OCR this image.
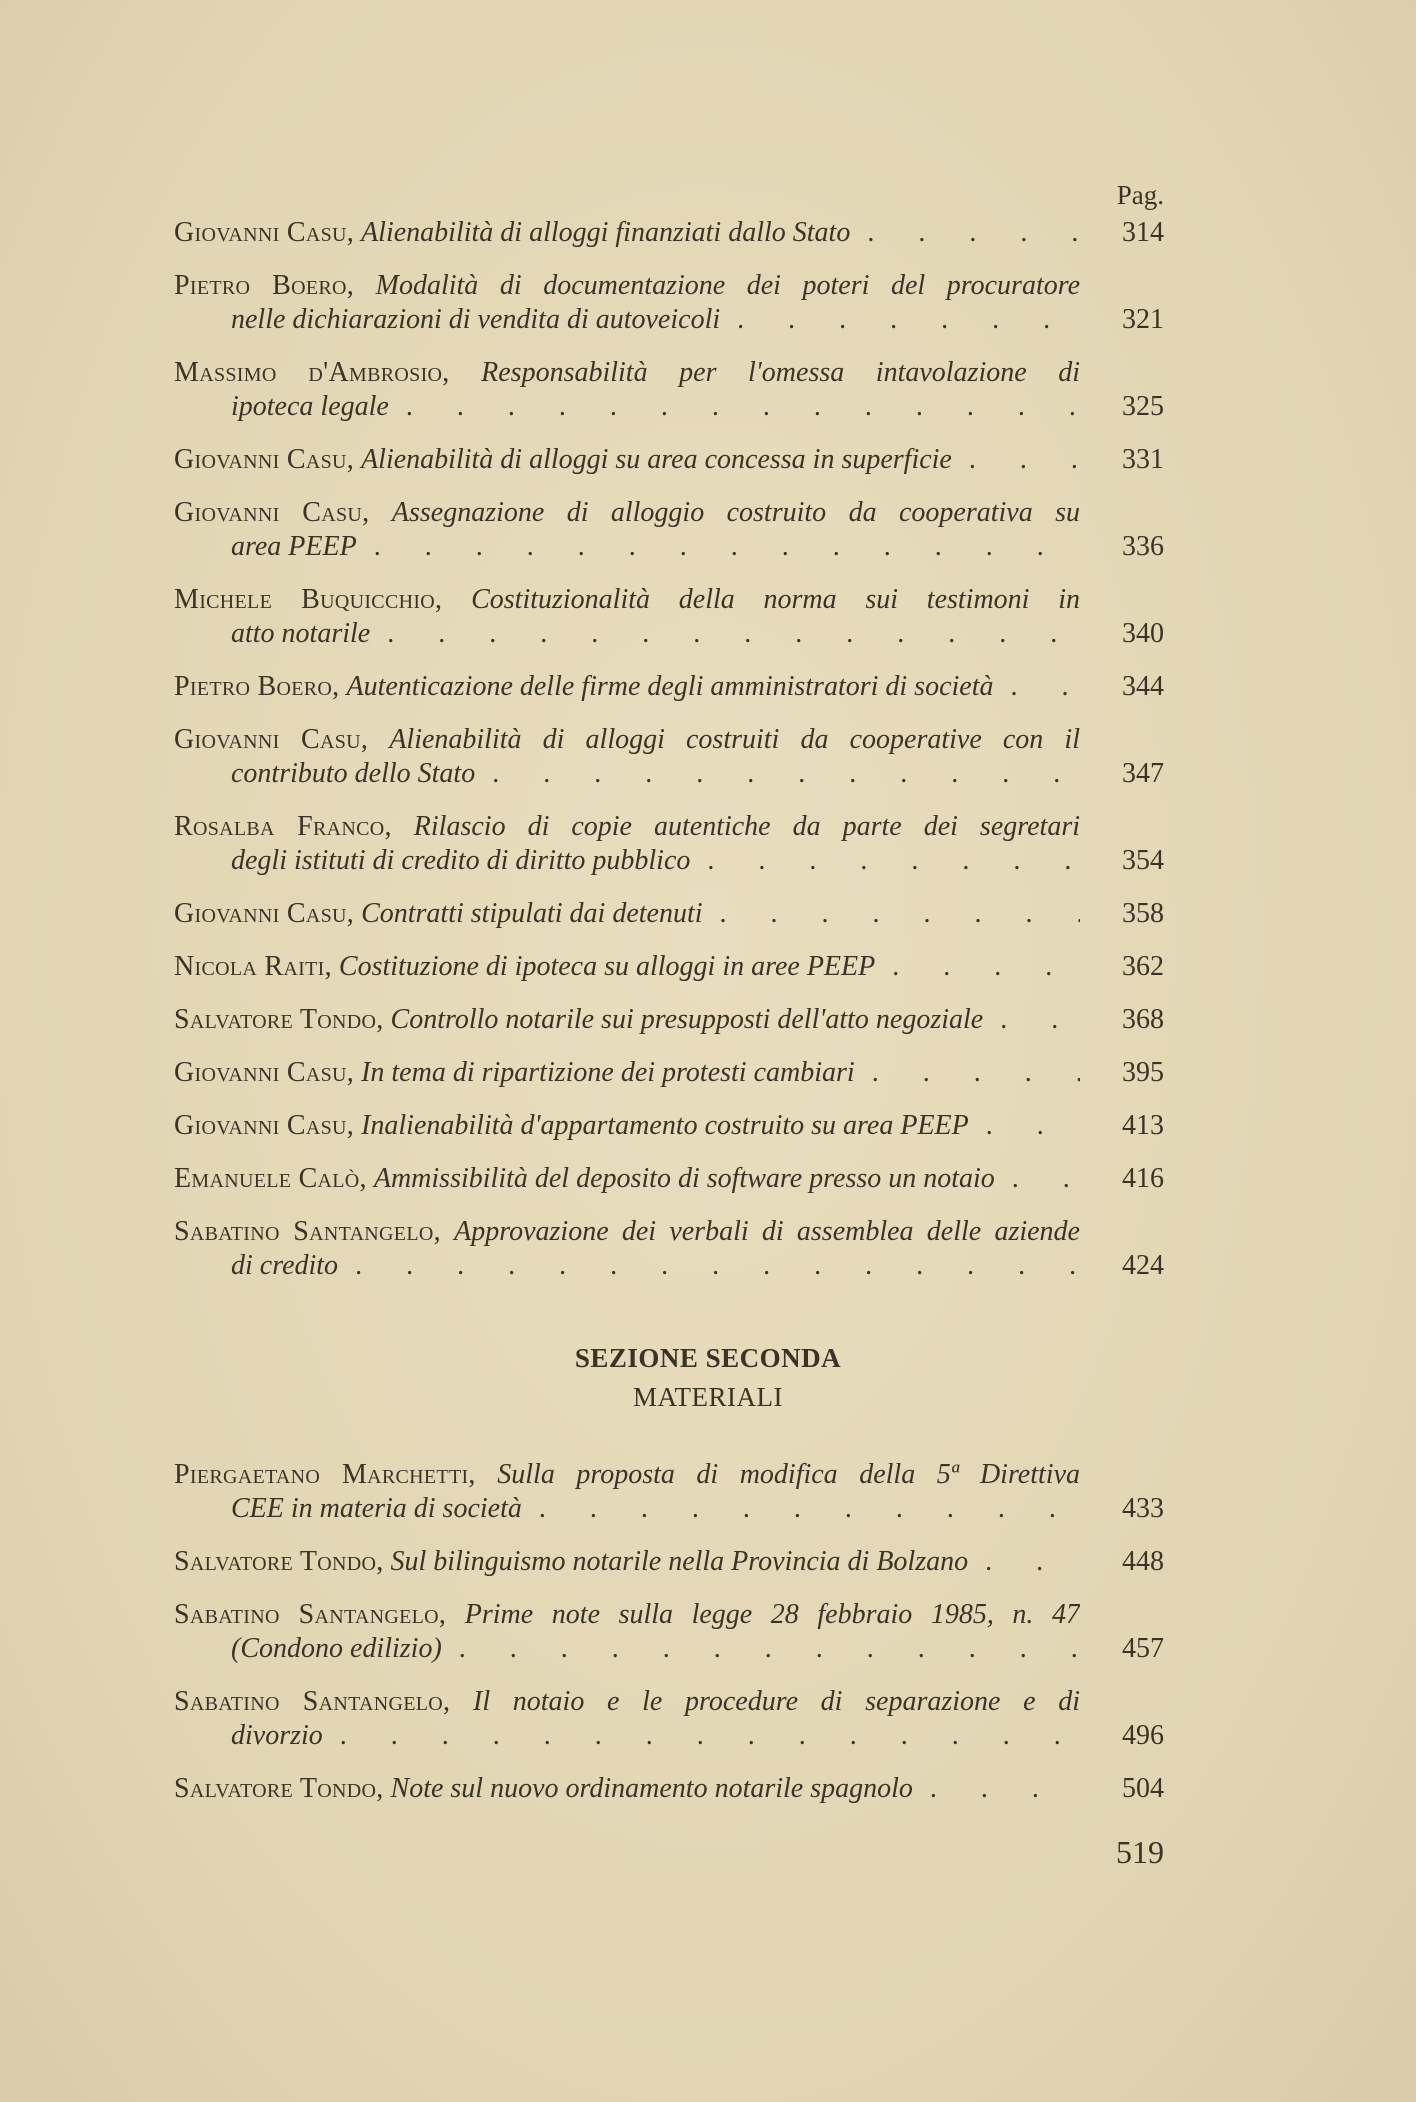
Pag.
Giovanni Casu, Alienabilità di alloggi finanziati dallo Stato	314
Pietro Boero, Modalità di documentazione dei poteri del procuratore
nelle dichiarazioni di vendita di autoveicoli	321
Massimo d'Ambrosio, Responsabilità per l'omessa intavolazione di
ipoteca legale	325
Giovanni Casu, Alienabilità di alloggi su area concessa in superficie	331
Giovanni Casu, Assegnazione di alloggio costruito da cooperativa su
area PEEP	336
Michele Buquicchio, Costituzionalità della norma sui testimoni in
atto notarile	340
Pietro Boero, Autenticazione delle firme degli amministratori di società	344
Giovanni Casu, Alienabilità di alloggi costruiti da cooperative con il
contributo dello Stato	347
Rosalba Franco, Rilascio di copie autentiche da parte dei segretari
degli istituti di credito di diritto pubblico	354
Giovanni Casu, Contratti stipulati dai detenuti	358
Nicola Raiti, Costituzione di ipoteca su alloggi in aree PEEP	362
Salvatore Tondo, Controllo notarile sui presupposti dell'atto negoziale	368
Giovanni Casu, In tema di ripartizione dei protesti cambiari	395
Giovanni Casu, Inalienabilità d'appartamento costruito su area PEEP	413
Emanuele Calò, Ammissibilità del deposito di software presso un notaio	416
Sabatino Santangelo, Approvazione dei verbali di assemblea delle aziende
di credito	424
SEZIONE SECONDA
MATERIALI
Piergaetano Marchetti, Sulla proposta di modifica della 5ª Direttiva
CEE in materia di società	433
Salvatore Tondo, Sul bilinguismo notarile nella Provincia di Bolzano	448
Sabatino Santangelo, Prime note sulla legge 28 febbraio 1985, n. 47
(Condono edilizio)	457
Sabatino Santangelo, Il notaio e le procedure di separazione e di
divorzio	496
Salvatore Tondo, Note sul nuovo ordinamento notarile spagnolo	504
519
